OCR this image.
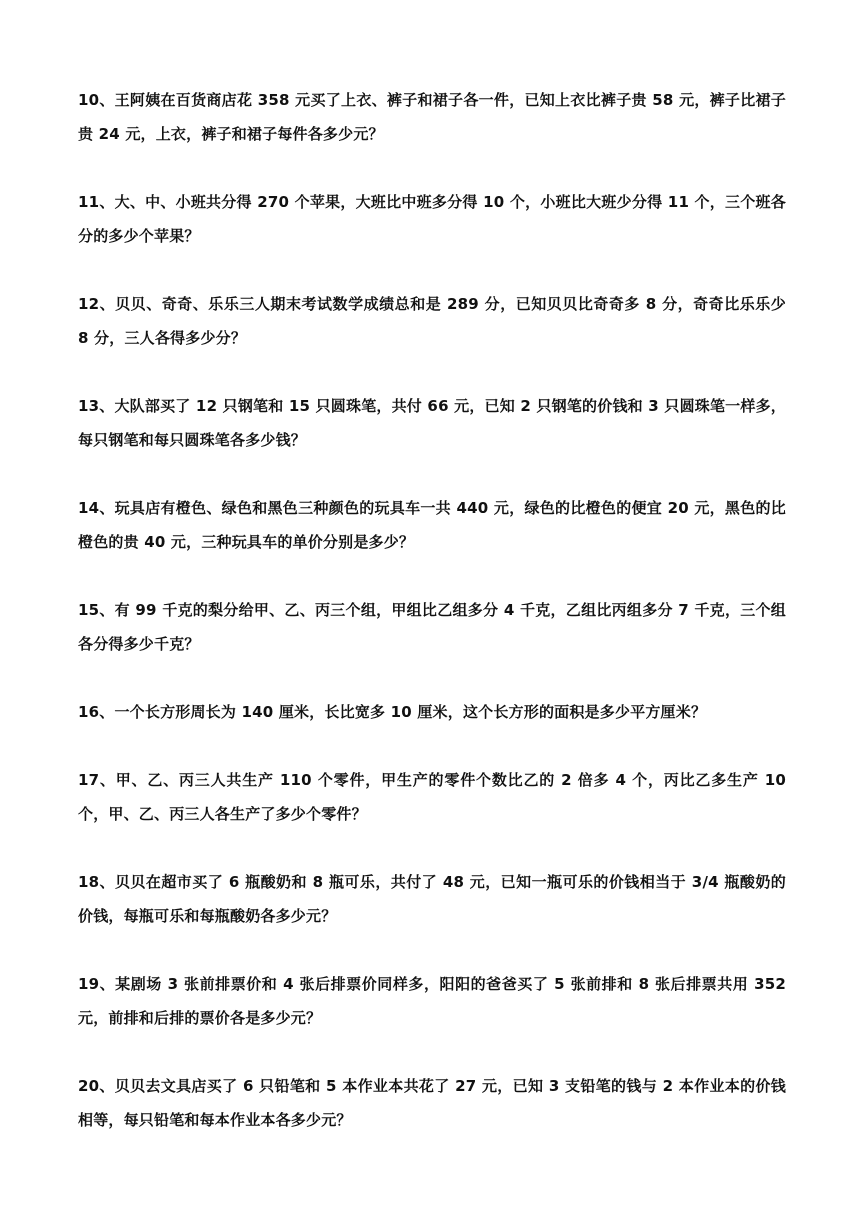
10、王阿姨在百货商店花 358 元买了上衣、裤子和裙子各一件，已知上衣比裤子贵 58 元，裤子比裙子贵 24 元，上衣，裤子和裙子每件各多少元？

11、大、中、小班共分得 270 个苹果，大班比中班多分得 10 个，小班比大班少分得 11 个，三个班各分的多少个苹果？

12、贝贝、奇奇、乐乐三人期末考试数学成绩总和是 289 分，已知贝贝比奇奇多 8 分，奇奇比乐乐少 8 分，三人各得多少分？

13、大队部买了 12 只钢笔和 15 只圆珠笔，共付 66 元，已知 2 只钢笔的价钱和 3 只圆珠笔一样多，每只钢笔和每只圆珠笔各多少钱？

14、玩具店有橙色、绿色和黑色三种颜色的玩具车一共 440 元，绿色的比橙色的便宜 20 元，黑色的比橙色的贵 40 元，三种玩具车的单价分别是多少？

15、有 99 千克的梨分给甲、乙、丙三个组，甲组比乙组多分 4 千克，乙组比丙组多分 7 千克，三个组各分得多少千克？

16、一个长方形周长为 140 厘米，长比宽多 10 厘米，这个长方形的面积是多少平方厘米？

17、甲、乙、丙三人共生产 110 个零件，甲生产的零件个数比乙的 2 倍多 4 个，丙比乙多生产 10 个，甲、乙、丙三人各生产了多少个零件？

18、贝贝在超市买了 6 瓶酸奶和 8 瓶可乐，共付了 48 元，已知一瓶可乐的价钱相当于 3/4 瓶酸奶的价钱，每瓶可乐和每瓶酸奶各多少元？

19、某剧场 3 张前排票价和 4 张后排票价同样多，阳阳的爸爸买了 5 张前排和 8 张后排票共用 352 元，前排和后排的票价各是多少元？

20、贝贝去文具店买了 6 只铅笔和 5 本作业本共花了 27 元，已知 3 支铅笔的钱与 2 本作业本的价钱相等，每只铅笔和每本作业本各多少元？
